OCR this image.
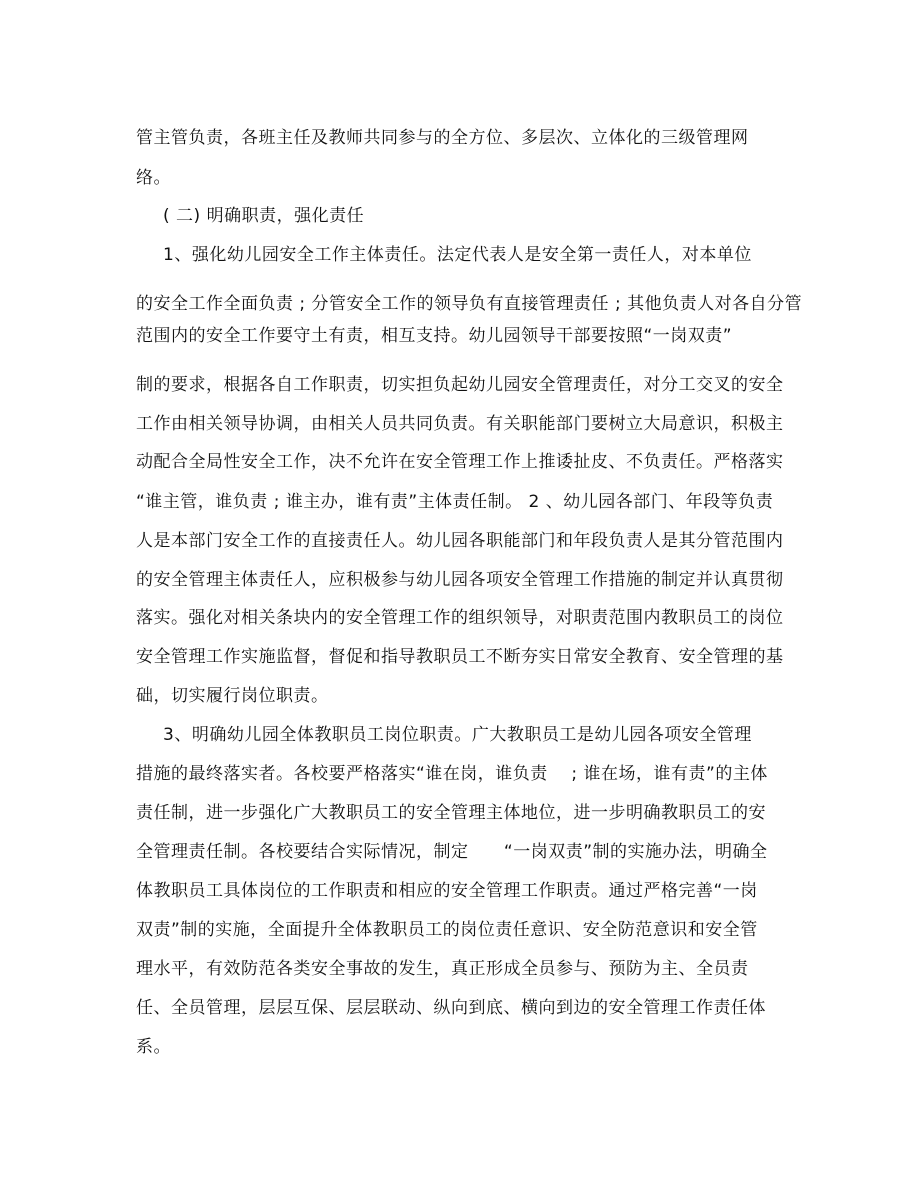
管主管负责，各班主任及教师共同参与的全方位、多层次、立体化的三级管理网
络。
( 二) 明确职责，强化责任
1、强化幼儿园安全工作主体责任。法定代表人是安全第一责任人，对本单位
的安全工作全面负责 ; 分管安全工作的领导负有直接管理责任 ; 其他负责人对各自分管
范围内的安全工作要守土有责，相互支持。幼儿园领导干部要按照“一岗双责”
制的要求，根据各自工作职责，切实担负起幼儿园安全管理责任，对分工交叉的安全
工作由相关领导协调，由相关人员共同负责。有关职能部门要树立大局意识，积极主
动配合全局性安全工作，决不允许在安全管理工作上推诿扯皮、不负责任。严格落实
“谁主管，谁负责 ; 谁主办，谁有责”主体责任制。 2 、幼儿园各部门、年段等负责
人是本部门安全工作的直接责任人。幼儿园各职能部门和年段负责人是其分管范围内
的安全管理主体责任人，应积极参与幼儿园各项安全管理工作措施的制定并认真贯彻
落实。强化对相关条块内的安全管理工作的组织领导，对职责范围内教职员工的岗位
安全管理工作实施监督，督促和指导教职员工不断夯实日常安全教育、安全管理的基
础，切实履行岗位职责。
3、明确幼儿园全体教职员工岗位职责。广大教职员工是幼儿园各项安全管理
措施的最终落实者。各校要严格落实“谁在岗，谁负责    ; 谁在场，谁有责”的主体
责任制，进一步强化广大教职员工的安全管理主体地位，进一步明确教职员工的安
全管理责任制。各校要结合实际情况，制定      “一岗双责”制的实施办法，明确全
体教职员工具体岗位的工作职责和相应的安全管理工作职责。通过严格完善“一岗
双责”制的实施，全面提升全体教职员工的岗位责任意识、安全防范意识和安全管
理水平，有效防范各类安全事故的发生，真正形成全员参与、预防为主、全员责
任、全员管理，层层互保、层层联动、纵向到底、横向到边的安全管理工作责任体
系。
